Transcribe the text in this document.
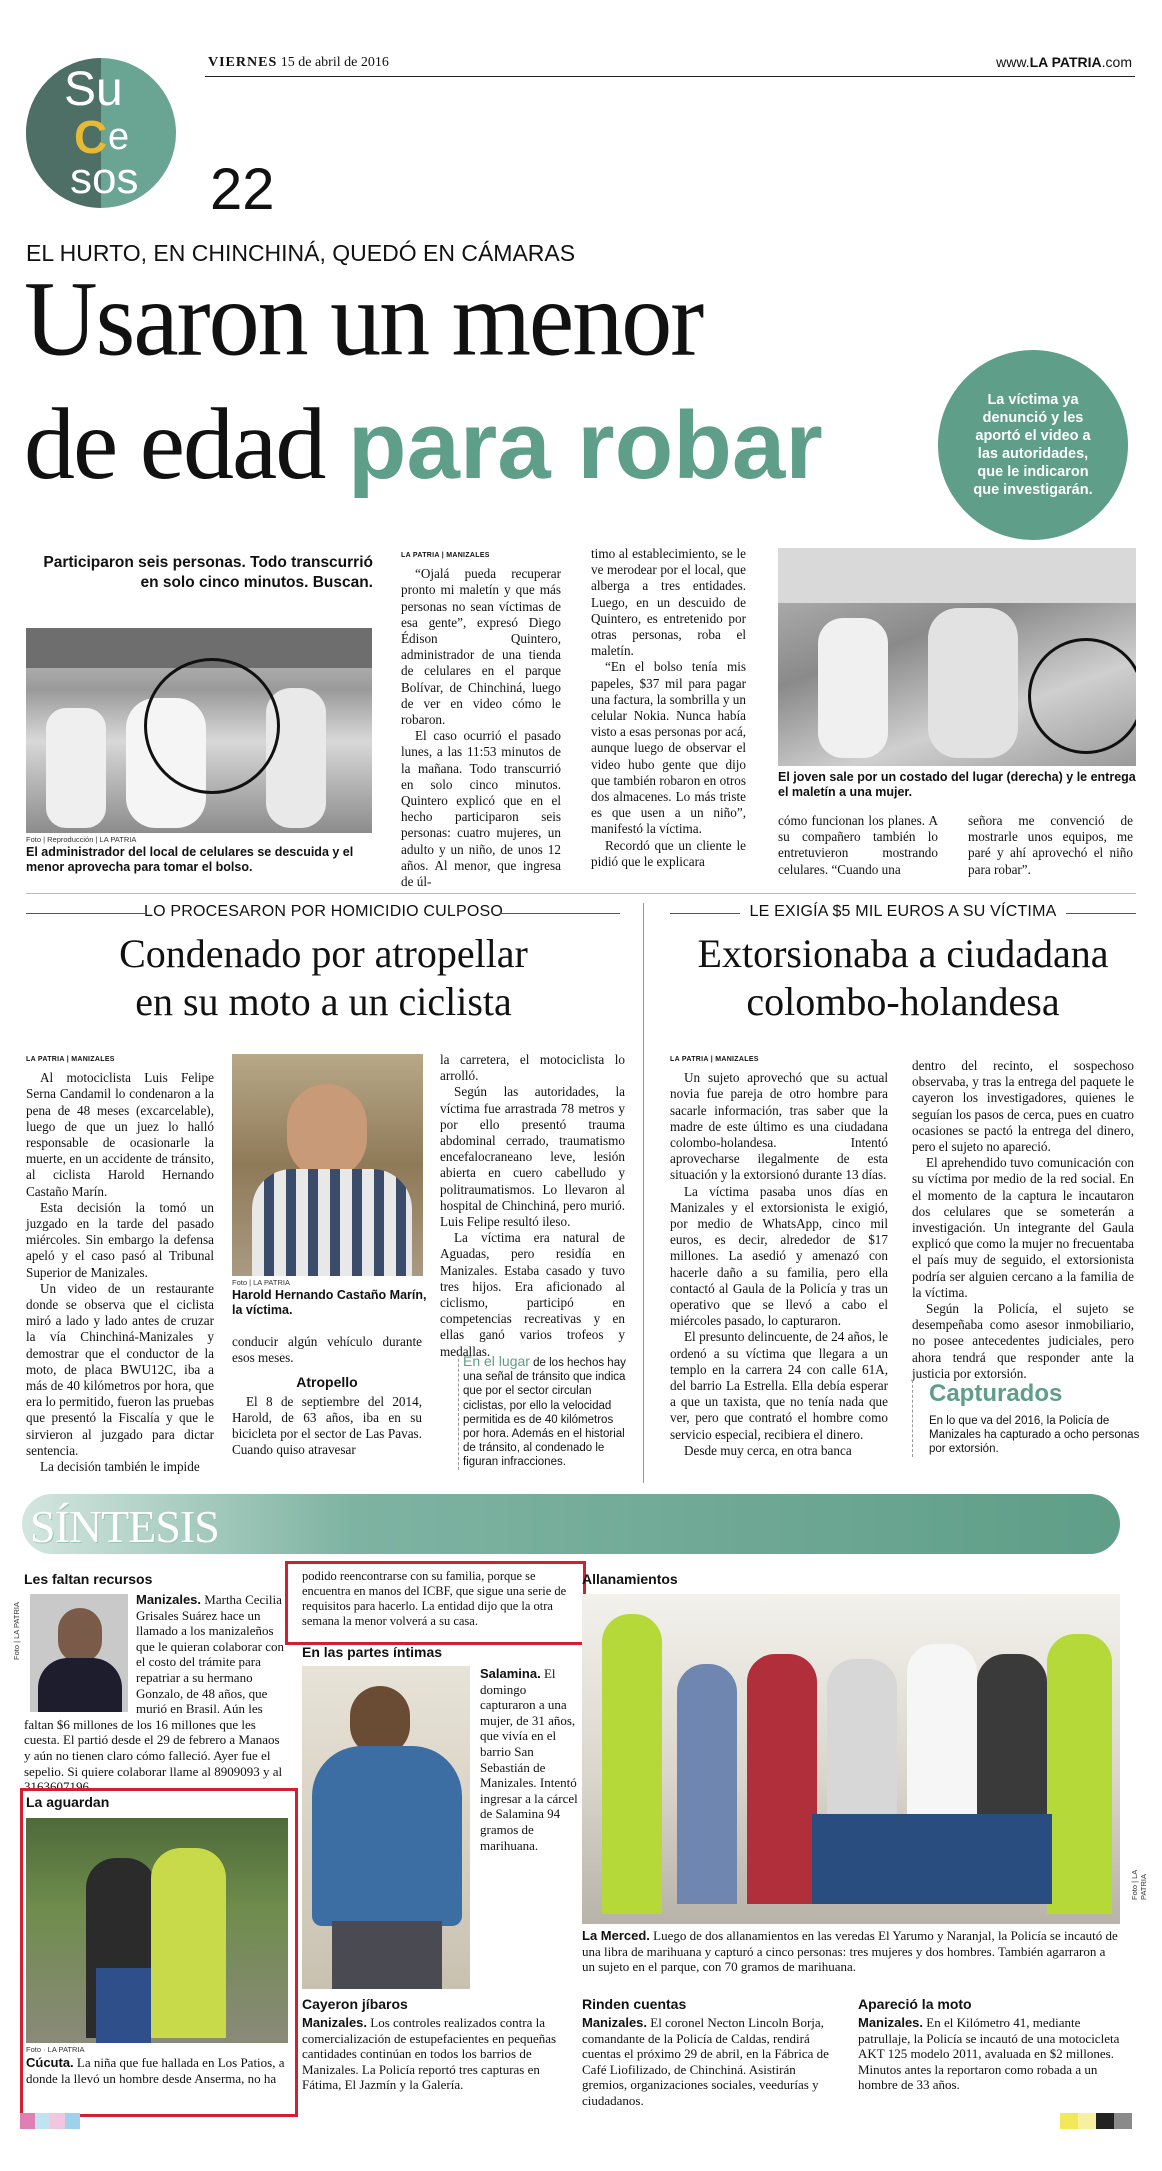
Su
C e
sos 22
VIERNES 15 de abril de 2016	www.LA PATRIA.com
EL HURTO, EN CHINCHINÁ, QUEDÓ EN CÁMARAS
Usaron un menor
de edad para robar	La víctima ya denunció y les aportó el video a las autoridades, que le indicaron que investigarán.
Participaron seis personas. Todo transcurrió en solo cinco minutos. Buscan.
Foto | Reproducción | LA PATRIA
El administrador del local de celulares se descuida y el menor aprovecha para tomar el bolso.
LA PATRIA | MANIZALES

“Ojalá pueda recuperar pronto mi maletín y que más personas no sean víctimas de esa gente”, expresó Diego Édison Quintero, administrador de una tienda de celulares en el parque Bolívar, de Chinchiná, luego de ver en video cómo le robaron.

El caso ocurrió el pasado lunes, a las 11:53 minutos de la mañana. Todo transcurrió en solo cinco minutos. Quintero explicó que en el hecho participaron seis personas: cuatro mujeres, un adulto y un niño, de unos 12 años. Al menor, que ingresa de úl-

timo al establecimiento, se le ve merodear por el local, que alberga a tres entidades. Luego, en un descuido de Quintero, es entretenido por otras personas, roba el maletín.

“En el bolso tenía mis papeles, $37 mil para pagar una factura, la sombrilla y un celular Nokia. Nunca había visto a esas personas por acá, aunque luego de observar el video hubo gente que dijo que también robaron en otros dos almacenes. Lo más triste es que usen a un niño”, manifestó la víctima.

Recordó que un cliente le pidió que le explicara

El joven sale por un costado del lugar (derecha) y le entrega el maletín a una mujer.
cómo funcionan los planes. A su compañero también lo entretuvieron mostrando celulares. “Cuando una
señora me convenció de mostrarle unos equipos, me paré y ahí aprovechó el niño para robar”.
LO PROCESARON POR HOMICIDIO CULPOSO
Condenado por atropellar
en su moto a un ciclista
LA PATRIA | MANIZALES

Al motociclista Luis Felipe Serna Candamil lo condenaron a la pena de 48 meses (excarcelable), luego de que un juez lo halló responsable de ocasionarle la muerte, en un accidente de tránsito, al ciclista Harold Hernando Castaño Marín.

Esta decisión la tomó un juzgado en la tarde del pasado miércoles. Sin embargo la defensa apeló y el caso pasó al Tribunal Superior de Manizales.

Un video de un restaurante donde se observa que el ciclista miró a lado y lado antes de cruzar la vía Chinchiná-Manizales y demostrar que el conductor de la moto, de placa BWU12C, iba a más de 40 kilómetros por hora, que era lo permitido, fueron las pruebas que presentó la Fiscalía y que le sirvieron al juzgado para dictar sentencia.

La decisión también le impide

Foto | LA PATRIA
Harold Hernando Castaño Marín, la víctima.

conducir algún vehículo durante esos meses.

Atropello

El 8 de septiembre del 2014, Harold, de 63 años, iba en su bicicleta por el sector de Las Pavas. Cuando quiso atravesar

la carretera, el motociclista lo arrolló.

Según las autoridades, la víctima fue arrastrada 78 metros y por ello presentó trauma abdominal cerrado, traumatismo encefalocraneano leve, lesión abierta en cuero cabelludo y politraumatismos. Lo llevaron al hospital de Chinchiná, pero murió. Luis Felipe resultó ileso.

La víctima era natural de Aguadas, pero residía en Manizales. Estaba casado y tuvo tres hijos. Era aficionado al ciclismo, participó en competencias recreativas y en ellas ganó varios trofeos y medallas.

En el lugar de los hechos hay una señal de tránsito que indica que por el sector circulan ciclistas, por ello la velocidad permitida es de 40 kilómetros por hora. Además en el historial de tránsito, al condenado le figuran infracciones.
LE EXIGÍA $5 MIL EUROS A SU VÍCTIMA
Extorsionaba a ciudadana
colombo-holandesa
LA PATRIA | MANIZALES

Un sujeto aprovechó que su actual novia fue pareja de otro hombre para sacarle información, tras saber que la madre de este último es una ciudadana colombo-holandesa. Intentó aprovecharse ilegalmente de esta situación y la extorsionó durante 13 días.

La víctima pasaba unos días en Manizales y el extorsionista le exigió, por medio de WhatsApp, cinco mil euros, es decir, alrededor de $17 millones. La asedió y amenazó con hacerle daño a su familia, pero ella contactó al Gaula de la Policía y tras un operativo que se llevó a cabo el miércoles pasado, lo capturaron.

El presunto delincuente, de 24 años, le ordenó a su víctima que llegara a un templo en la carrera 24 con calle 61A, del barrio La Estrella. Ella debía esperar a que un taxista, que no tenía nada que ver, pero que contrató el hombre como servicio especial, recibiera el dinero.

Desde muy cerca, en otra banca

dentro del recinto, el sospechoso observaba, y tras la entrega del paquete le cayeron los investigadores, quienes le seguían los pasos de cerca, pues en cuatro ocasiones se pactó la entrega del dinero, pero el sujeto no apareció.

El aprehendido tuvo comunicación con su víctima por medio de la red social. En el momento de la captura le incautaron dos celulares que se someterán a investigación. Un integrante del Gaula explicó que como la mujer no frecuentaba el país muy de seguido, el extorsionista podría ser alguien cercano a la familia de la víctima.

Según la Policía, el sujeto se desempeñaba como asesor inmobiliario, no posee antecedentes judiciales, pero ahora tendrá que responder ante la justicia por extorsión.

Capturados
En lo que va del 2016, la Policía de Manizales ha capturado a ocho personas por extorsión.
SÍNTESIS
Les faltan recursos
Foto | LA PATRIA
Manizales. Martha Cecilia Grisales Suárez hace un llamado a los manizaleños que le quieran colaborar con el costo del trámite para repatriar a su hermano Gonzalo, de 48 años, que murió en Brasil. Aún les faltan $6 millones de los 16 millones que les cuesta. El partió desde el 29 de febrero a Manaos y aún no tienen claro cómo falleció. Ayer fue el sepelio. Si quiere colaborar llame al 8909093 y al 3163607196.
La aguardan
Foto · LA PATRIA
Cúcuta. La niña que fue hallada en Los Patios, a donde la llevó un hombre desde Anserma, no ha
podido reencontrarse con su familia, porque se encuentra en manos del ICBF, que sigue una serie de requisitos para hacerlo. La entidad dijo que la otra semana la menor volverá a su casa.
En las partes íntimas
Salamina. El domingo capturaron a una mujer, de 31 años, que vivía en el barrio San Sebastián de Manizales. Intentó ingresar a la cárcel de Salamina 94 gramos de marihuana.
Allanamientos
Foto | LA PATRIA
La Merced. Luego de dos allanamientos en las veredas El Yarumo y Naranjal, la Policía se incautó de una libra de marihuana y capturó a cinco personas: tres mujeres y dos hombres. También agarraron a un sujeto en el parque, con 70 gramos de marihuana.
Cayeron jíbaros
Manizales. Los controles realizados contra la comercialización de estupefacientes en pequeñas cantidades continúan en todos los barrios de Manizales. La Policía reportó tres capturas en Fátima, El Jazmín y la Galería.
Rinden cuentas
Manizales. El coronel Necton Lincoln Borja, comandante de la Policía de Caldas, rendirá cuentas el próximo 29 de abril, en la Fábrica de Café Liofilizado, de Chinchiná. Asistirán gremios, organizaciones sociales, veedurías y ciudadanos.
Apareció la moto
Manizales. En el Kilómetro 41, mediante patrullaje, la Policía se incautó de una motocicleta AKT 125 modelo 2011, avaluada en $2 millones. Minutos antes la reportaron como robada a un hombre de 33 años.
